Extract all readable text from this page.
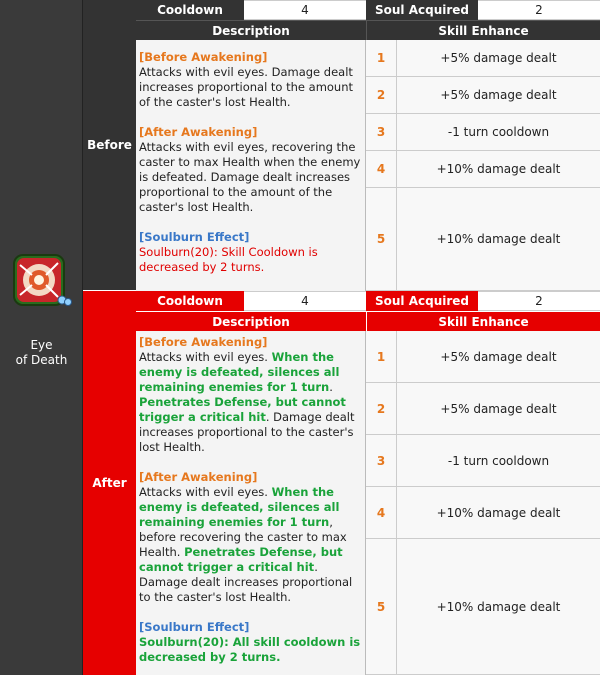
Eye
of Death
Before
After
Cooldown	4	Soul Acquired	2
Description	Skill Enhance

[Before Awakening]

Attacks with evil eyes. Damage dealt increases proportional to the amount of the caster's lost Health.

[After Awakening]

Attacks with evil eyes, recovering the caster to max Health when the enemy is defeated. Damage dealt increases proportional to the amount of the caster's lost Health.

[Soulburn Effect]

Soulburn(20): Skill Cooldown is decreased by 2 turns.

1	+5% damage dealt
2	+5% damage dealt
3	-1 turn cooldown
4	+10% damage dealt
5	+10% damage dealt
Cooldown	4	Soul Acquired	2
Description	Skill Enhance

[Before Awakening]

Attacks with evil eyes. When the enemy is defeated, silences all remaining enemies for 1 turn. Penetrates Defense, but cannot trigger a critical hit. Damage dealt increases proportional to the caster's lost Health.

[After Awakening]

Attacks with evil eyes. When the enemy is defeated, silences all remaining enemies for 1 turn, before recovering the caster to max Health. Penetrates Defense, but cannot trigger a critical hit. Damage dealt increases proportional to the caster's lost Health.

[Soulburn Effect]

Soulburn(20): All skill cooldown is decreased by 2 turns.

1	+5% damage dealt
2	+5% damage dealt
3	-1 turn cooldown
4	+10% damage dealt
5	+10% damage dealt
